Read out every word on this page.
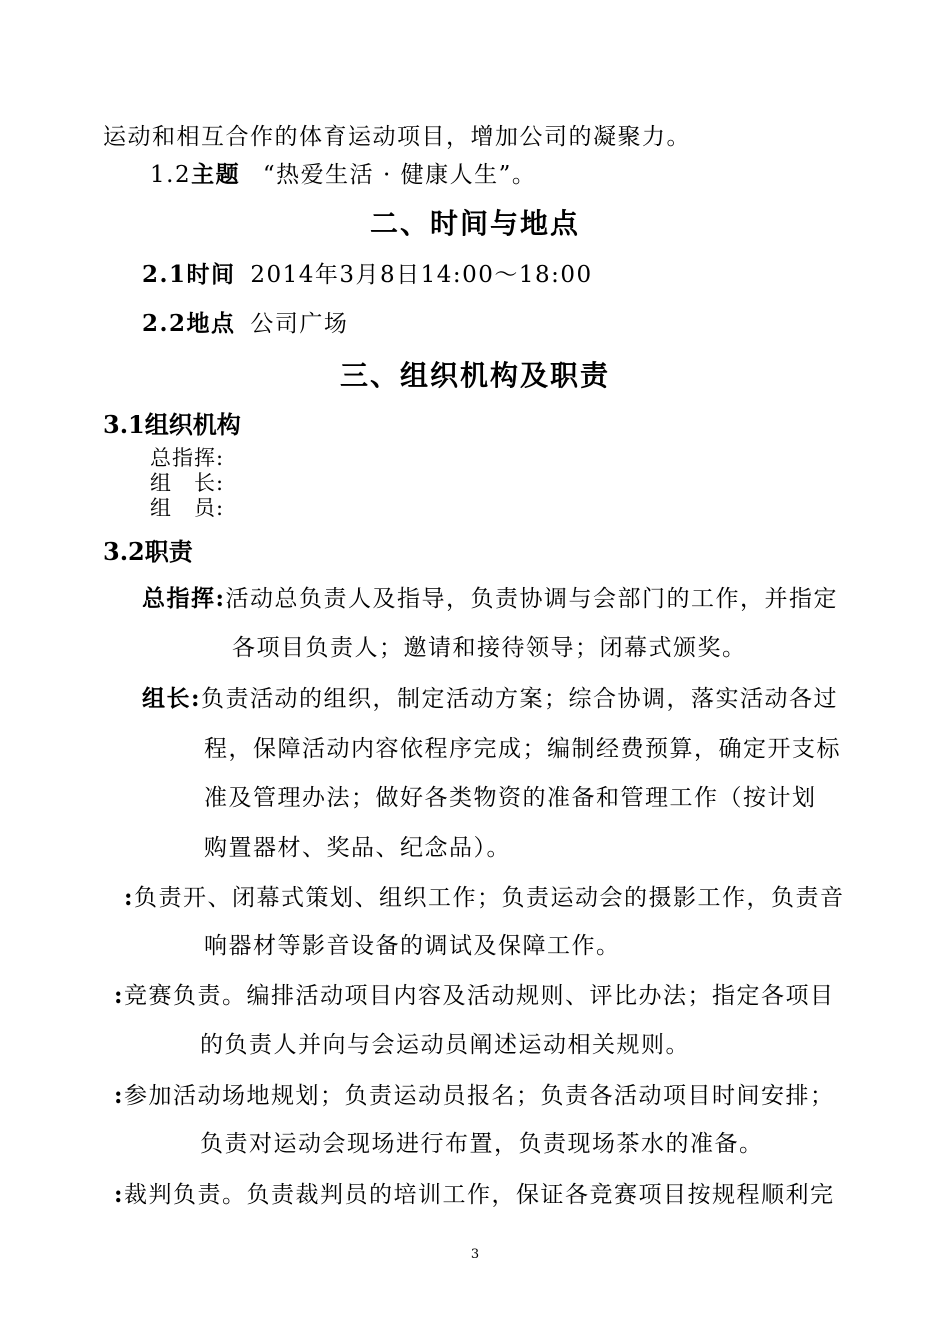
运动和相互合作的体育运动项目，增加公司的凝聚力。
1.2主题 “热爱生活 · 健康人生”。
二、时间与地点
2.1时间 2014年3月8日14:00～18:00
2.2地点 公司广场
三、组织机构及职责
3.1组织机构
总指挥:
组　长:
组　员:
3.2职责
总指挥:活动总负责人及指导，负责协调与会部门的工作，并指定
各项目负责人；邀请和接待领导；闭幕式颁奖。
组长:负责活动的组织，制定活动方案；综合协调，落实活动各过
程，保障活动内容依程序完成；编制经费预算，确定开支标
准及管理办法；做好各类物资的准备和管理工作（按计划
购置器材、奖品、纪念品）。
:负责开、闭幕式策划、组织工作；负责运动会的摄影工作，负责音
响器材等影音设备的调试及保障工作。
:竞赛负责。编排活动项目内容及活动规则、评比办法；指定各项目
的负责人并向与会运动员阐述运动相关规则。
:参加活动场地规划；负责运动员报名；负责各活动项目时间安排；
负责对运动会现场进行布置，负责现场茶水的准备。
:裁判负责。负责裁判员的培训工作，保证各竞赛项目按规程顺利完
3
